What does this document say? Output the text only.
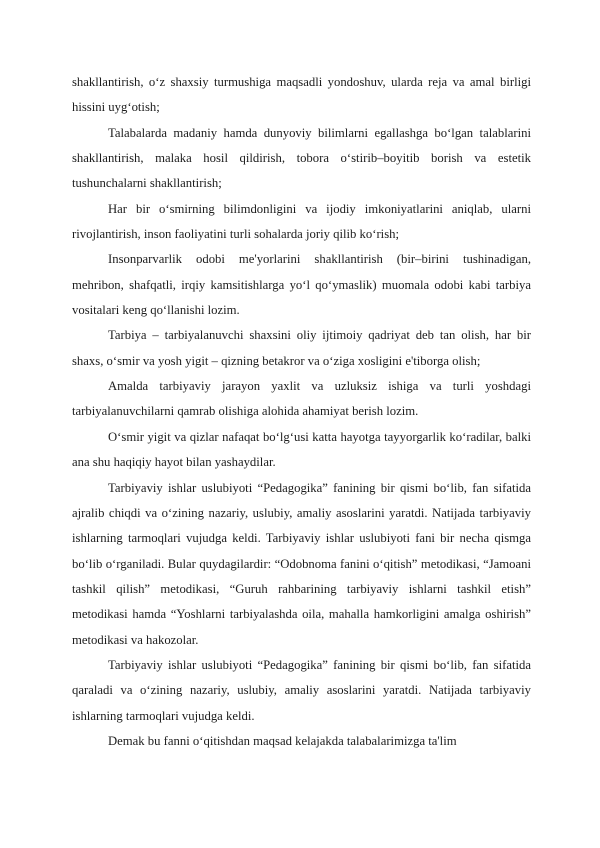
shakllantirish, o‘z shaxsiy turmushiga maqsadli yondoshuv, ularda reja va amal birligi hissini uyg‘otish;

Talabalarda madaniy hamda dunyoviy bilimlarni egallashga bo‘lgan talablarini shakllantirish, malaka hosil qildirish, tobora o‘stirib–boyitib borish va estetik tushunchalarni shakllantirish;

Har bir o‘smirning bilimdonligini va ijodiy imkoniyatlarini aniqlab, ularni rivojlantirish, inson faoliyatini turli sohalarda joriy qilib ko‘rish;

Insonparvarlik odobi me'yorlarini shakllantirish (bir–birini tushinadigan, mehribon, shafqatli, irqiy kamsitishlarga yo‘l qo‘ymaslik) muomala odobi kabi tarbiya vositalari keng qo‘llanishi lozim.

Tarbiya – tarbiyalanuvchi shaxsini oliy ijtimoiy qadriyat deb tan olish, har bir shaxs, o‘smir va yosh yigit – qizning betakror va o‘ziga xosligini e'tiborga olish;

Amalda tarbiyaviy jarayon yaxlit va uzluksiz ishiga va turli yoshdagi tarbiyalanuvchilarni qamrab olishiga alohida ahamiyat berish lozim.

O‘smir yigit va qizlar nafaqat bo‘lg‘usi katta hayotga tayyorgarlik ko‘radilar, balki ana shu haqiqiy hayot bilan yashaydilar.

Tarbiyaviy ishlar uslubiyoti “Pedagogika” fanining bir qismi bo‘lib, fan sifatida ajralib chiqdi va o‘zining nazariy, uslubiy, amaliy asoslarini yaratdi. Natijada tarbiyaviy ishlarning tarmoqlari vujudga keldi. Tarbiyaviy ishlar uslubiyoti fani bir necha qismga bo‘lib o‘rganiladi. Bular quydagilardir: “Odobnoma fanini o‘qitish” metodikasi, “Jamoani tashkil qilish” metodikasi, “Guruh rahbarining tarbiyaviy ishlarni tashkil etish” metodikasi hamda “Yoshlarni tarbiyalashda oila, mahalla hamkorligini amalga oshirish” metodikasi va hakozolar.

Tarbiyaviy ishlar uslubiyoti “Pedagogika” fanining bir qismi bo‘lib, fan sifatida qaraladi va o‘zining nazariy, uslubiy, amaliy asoslarini yaratdi. Natijada tarbiyaviy ishlarning tarmoqlari vujudga keldi.

Demak bu fanni o‘qitishdan maqsad kelajakda talabalarimizga ta'lim
